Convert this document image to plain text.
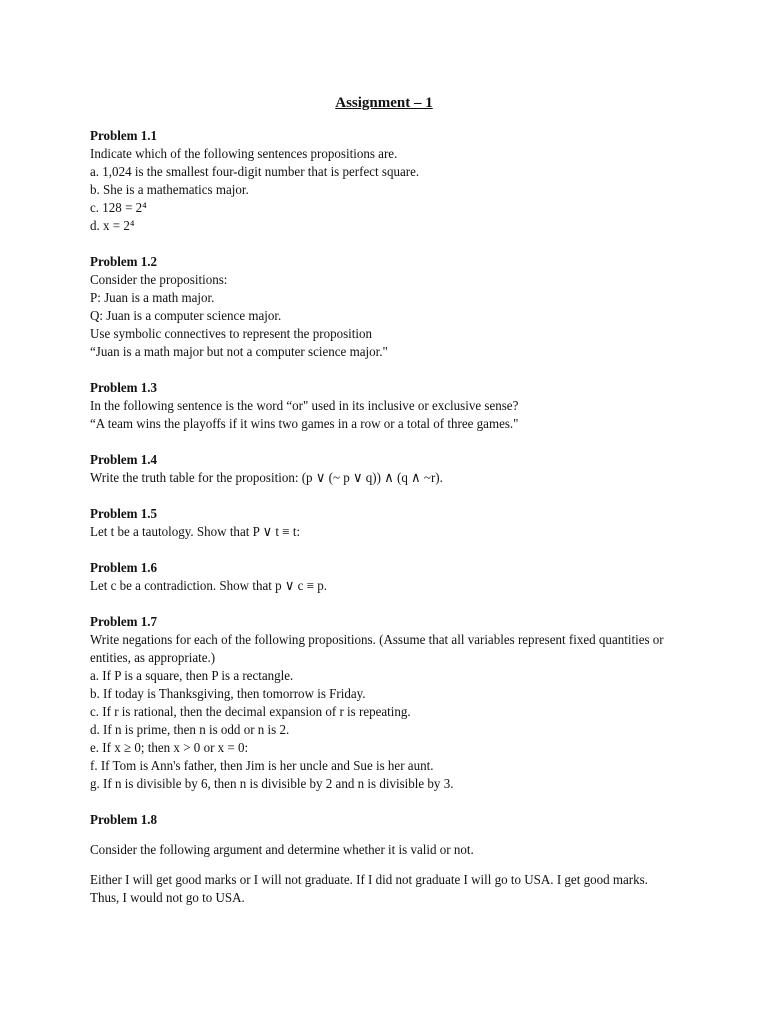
Assignment – 1
Problem 1.1

Indicate which of the following sentences propositions are.

a. 1,024 is the smallest four-digit number that is perfect square.

b. She is a mathematics major.

c. 128 = 2⁴

d. x = 2⁴

Problem 1.2

Consider the propositions:

P: Juan is a math major.

Q: Juan is a computer science major.

Use symbolic connectives to represent the proposition

“Juan is a math major but not a computer science major."

Problem 1.3

In the following sentence is the word “or" used in its inclusive or exclusive sense?

“A team wins the playoffs if it wins two games in a row or a total of three games."

Problem 1.4

Write the truth table for the proposition: (p ∨ (~ p ∨ q)) ∧ (q ∧ ~r).

Problem 1.5

Let t be a tautology. Show that P ∨ t ≡ t:

Problem 1.6

Let c be a contradiction. Show that p ∨ c ≡ p.

Problem 1.7

Write negations for each of the following propositions. (Assume that all variables represent fixed quantities or entities, as appropriate.)

a. If P is a square, then P is a rectangle.

b. If today is Thanksgiving, then tomorrow is Friday.

c. If r is rational, then the decimal expansion of r is repeating.

d. If n is prime, then n is odd or n is 2.

e. If x ≥ 0; then x > 0 or x = 0:

f. If Tom is Ann's father, then Jim is her uncle and Sue is her aunt.

g. If n is divisible by 6, then n is divisible by 2 and n is divisible by 3.

Problem 1.8

Consider the following argument and determine whether it is valid or not.

Either I will get good marks or I will not graduate. If I did not graduate I will go to USA. I get good marks. Thus, I would not go to USA.
